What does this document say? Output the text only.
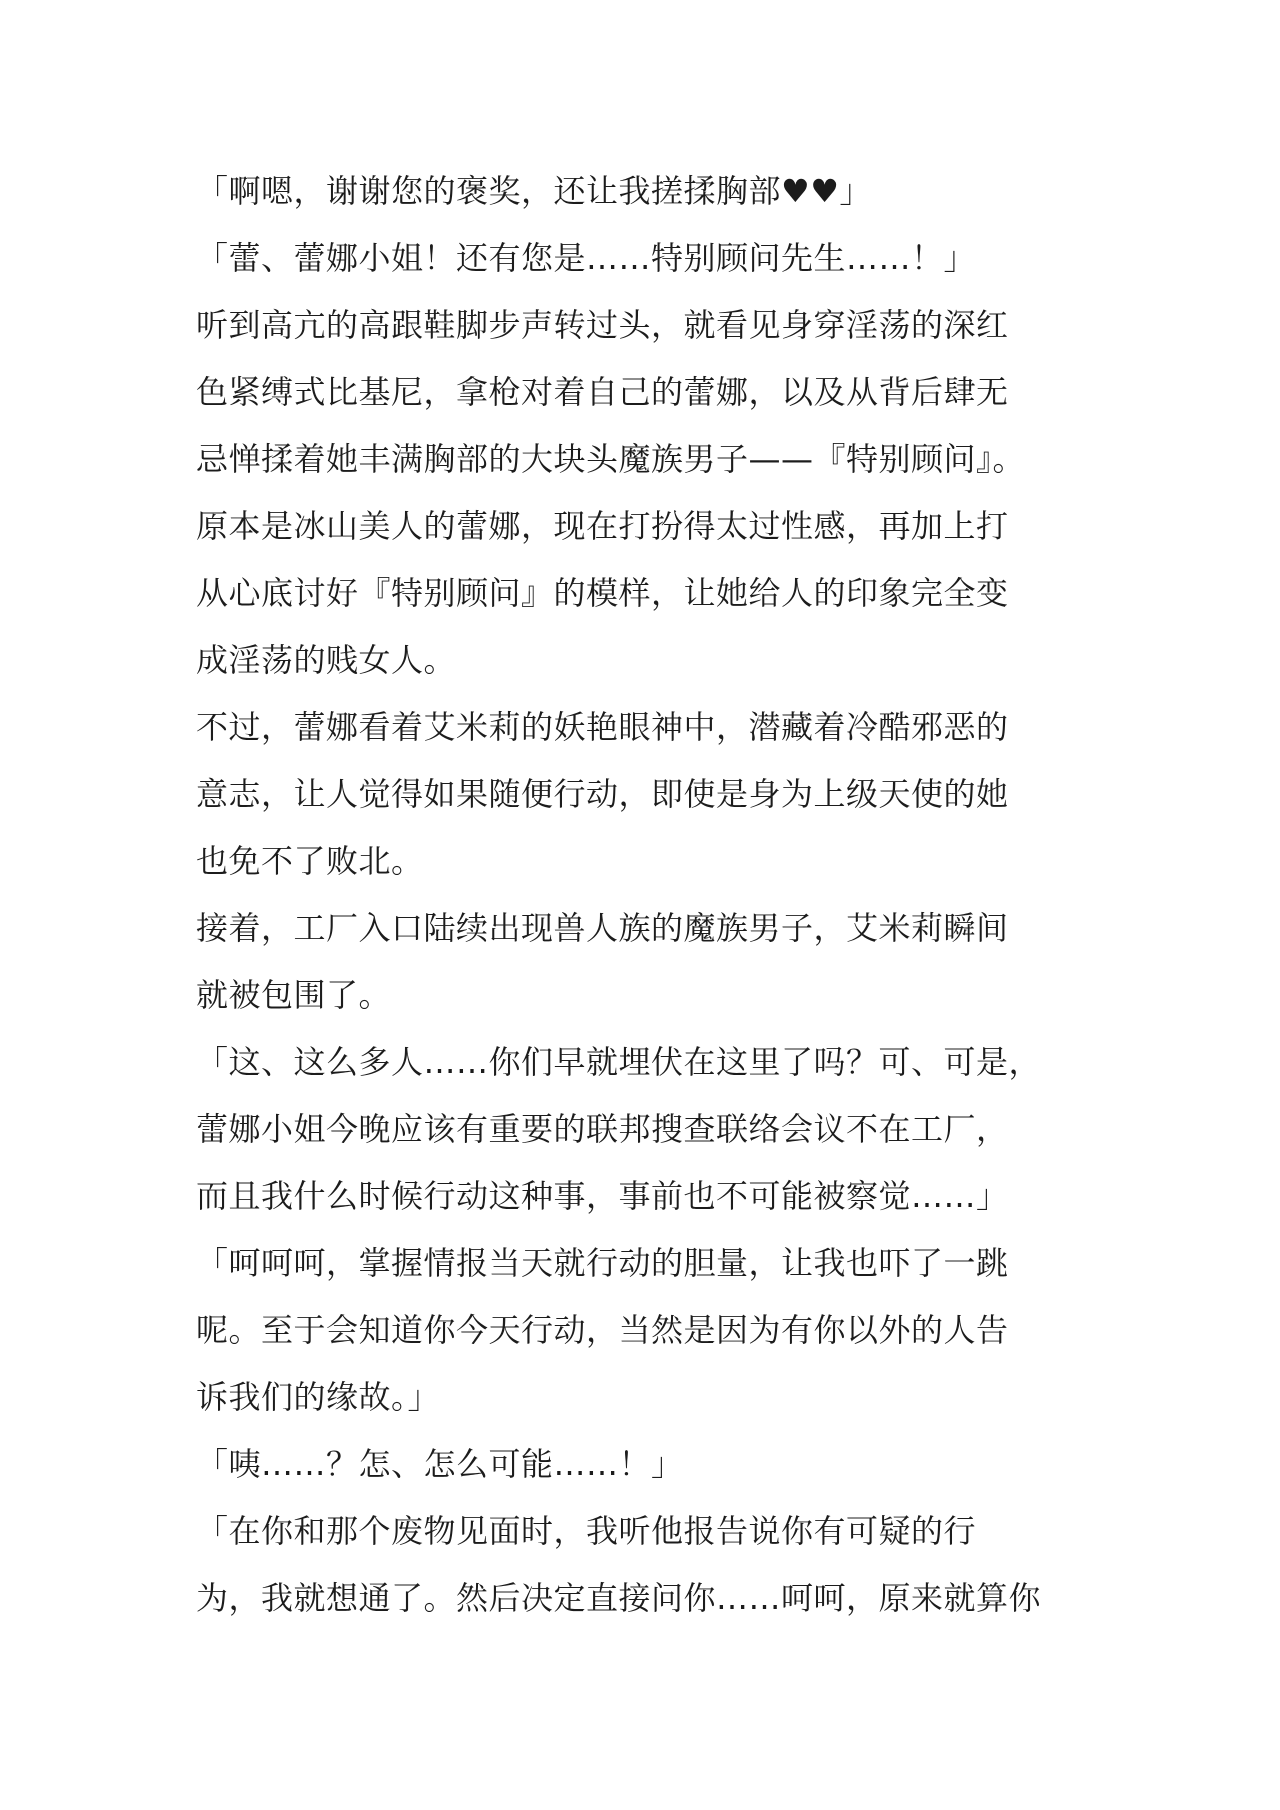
「啊嗯，谢谢您的褒奖，还让我搓揉胸部♥♥」
「蕾、蕾娜小姐！还有您是……特别顾问先生……！」
听到高亢的高跟鞋脚步声转过头，就看见身穿淫荡的深红
色紧缚式比基尼，拿枪对着自己的蕾娜，以及从背后肆无
忌惮揉着她丰满胸部的大块头魔族男子——『特别顾问』。
原本是冰山美人的蕾娜，现在打扮得太过性感，再加上打
从心底讨好『特别顾问』的模样，让她给人的印象完全变
成淫荡的贱女人。
不过，蕾娜看着艾米莉的妖艳眼神中，潜藏着冷酷邪恶的
意志，让人觉得如果随便行动，即使是身为上级天使的她
也免不了败北。
接着，工厂入口陆续出现兽人族的魔族男子，艾米莉瞬间
就被包围了。
「这、这么多人……你们早就埋伏在这里了吗？可、可是，
蕾娜小姐今晚应该有重要的联邦搜查联络会议不在工厂，
而且我什么时候行动这种事，事前也不可能被察觉……」
「呵呵呵，掌握情报当天就行动的胆量，让我也吓了一跳
呢。至于会知道你今天行动，当然是因为有你以外的人告
诉我们的缘故。」
「咦……？怎、怎么可能……！」
「在你和那个废物见面时，我听他报告说你有可疑的行
为，我就想通了。然后决定直接问你……呵呵，原来就算你
